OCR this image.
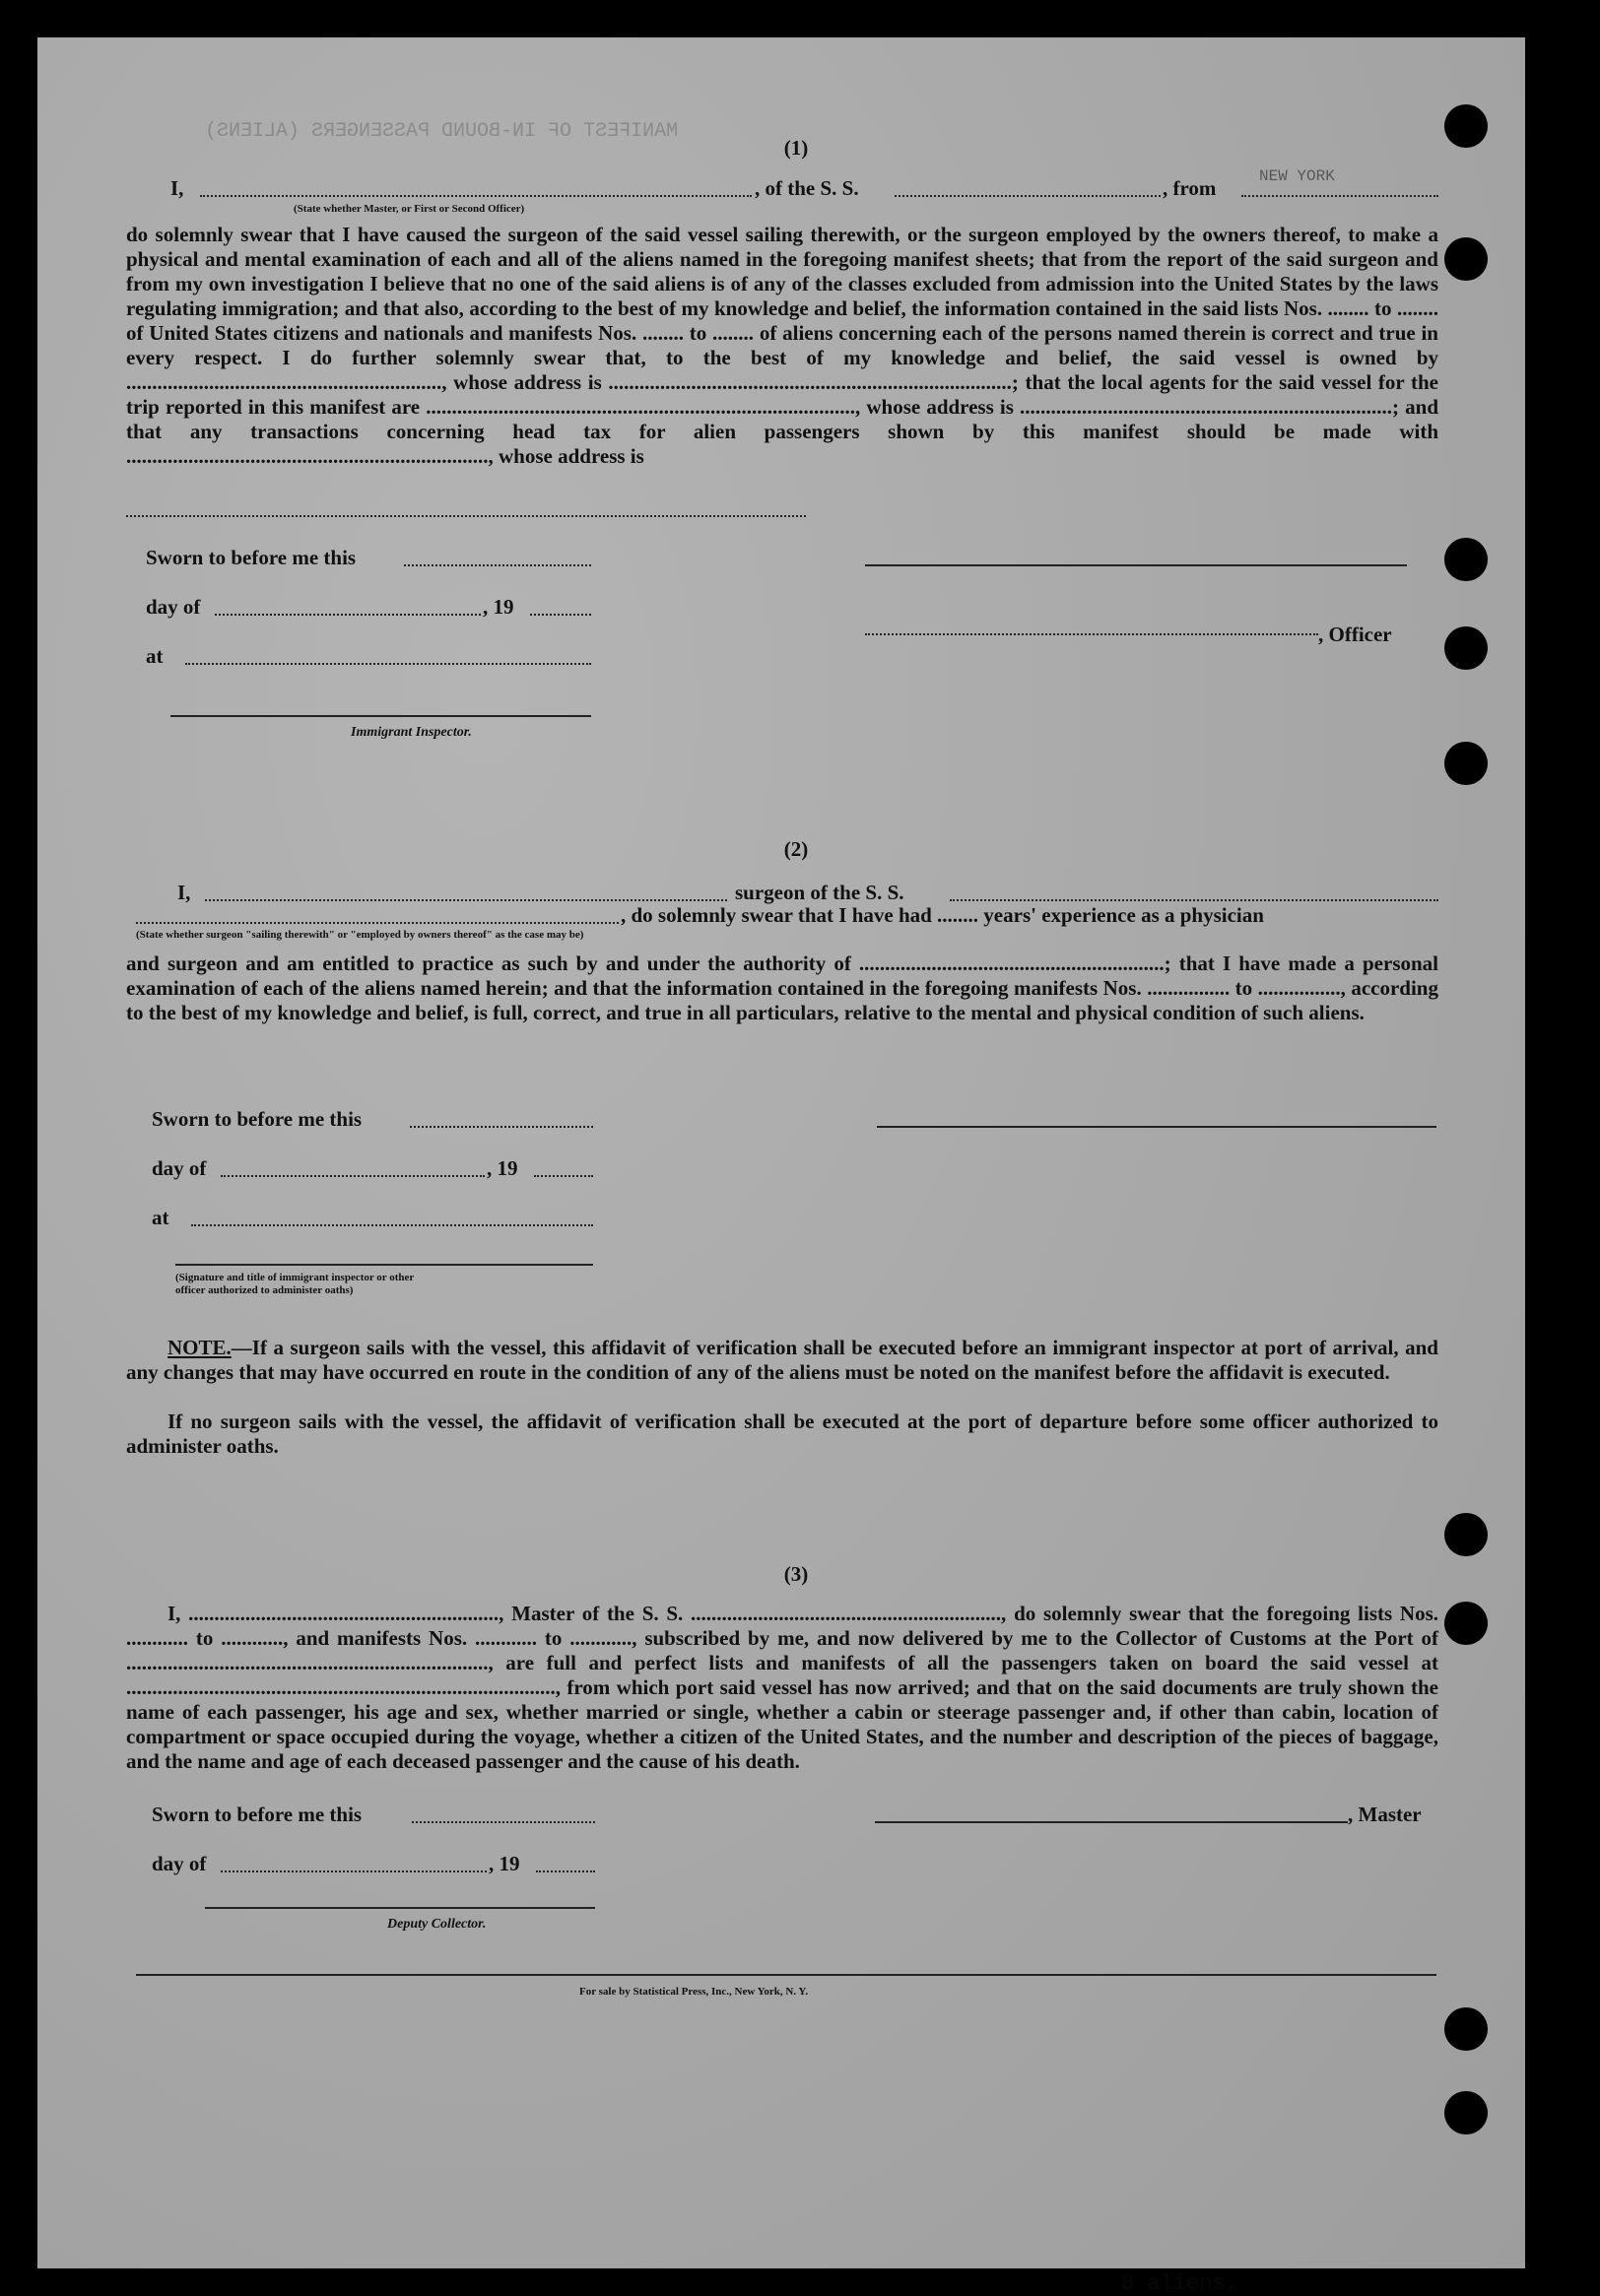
MANIFEST OF IN-BOUND PASSENGERS (ALIENS)
8 aliens.
(1)
I,	, of the S. S.	, from	NEW YORK
(State whether Master, or First or Second Officer)
do solemnly swear that I have caused the surgeon of the said vessel sailing therewith, or the surgeon employed by the owners thereof, to make a physical and mental examination of each and all of the aliens named in the foregoing manifest sheets; that from the report of the said surgeon and from my own investigation I believe that no one of the said aliens is of any of the classes excluded from admission into the United States by the laws regulating immigration; and that also, according to the best of my knowledge and belief, the information contained in the said lists Nos. ........ to ........ of United States citizens and nationals and manifests Nos. ........ to ........ of aliens concerning each of the persons named therein is correct and true in every respect. I do further solemnly swear that, to the best of my knowledge and belief, the said vessel is owned by ............................................................., whose address is ..............................................................................; that the local agents for the said vessel for the trip reported in this manifest are ..................................................................................., whose address is ........................................................................; and that any transactions concerning head tax for alien passengers shown by this manifest should be made with ......................................................................, whose address is
Sworn to before me this
day of	, 19
, Officer
at
Immigrant Inspector.
(2)
I,	surgeon of the S. S.
, do solemnly swear that I have had ........ years' experience as a physician
(State whether surgeon "sailing therewith" or "employed by owners thereof" as the case may be)
and surgeon and am entitled to practice as such by and under the authority of ...........................................................; that I have made a personal examination of each of the aliens named herein; and that the information contained in the foregoing manifests Nos. ................ to ................, according to the best of my knowledge and belief, is full, correct, and true in all particulars, relative to the mental and physical condition of such aliens.
Sworn to before me this
day of	, 19
at
(Signature and title of immigrant inspector or other officer authorized to administer oaths)
NOTE.—If a surgeon sails with the vessel, this affidavit of verification shall be executed before an immigrant inspector at port of arrival, and any changes that may have occurred en route in the condition of any of the aliens must be noted on the manifest before the affidavit is executed.
If no surgeon sails with the vessel, the affidavit of verification shall be executed at the port of departure before some officer authorized to administer oaths.
(3)
I, ............................................................, Master of the S. S. ............................................................, do solemnly swear that the foregoing lists Nos. ............ to ............, and manifests Nos. ............ to ............, subscribed by me, and now delivered by me to the Collector of Customs at the Port of ......................................................................, are full and perfect lists and manifests of all the passengers taken on board the said vessel at ..................................................................................., from which port said vessel has now arrived; and that on the said documents are truly shown the name of each passenger, his age and sex, whether married or single, whether a cabin or steerage passenger and, if other than cabin, location of compartment or space occupied during the voyage, whether a citizen of the United States, and the number and description of the pieces of baggage, and the name and age of each deceased passenger and the cause of his death.
Sworn to before me this	, Master
day of	, 19
Deputy Collector.
For sale by Statistical Press, Inc., New York, N. Y.
